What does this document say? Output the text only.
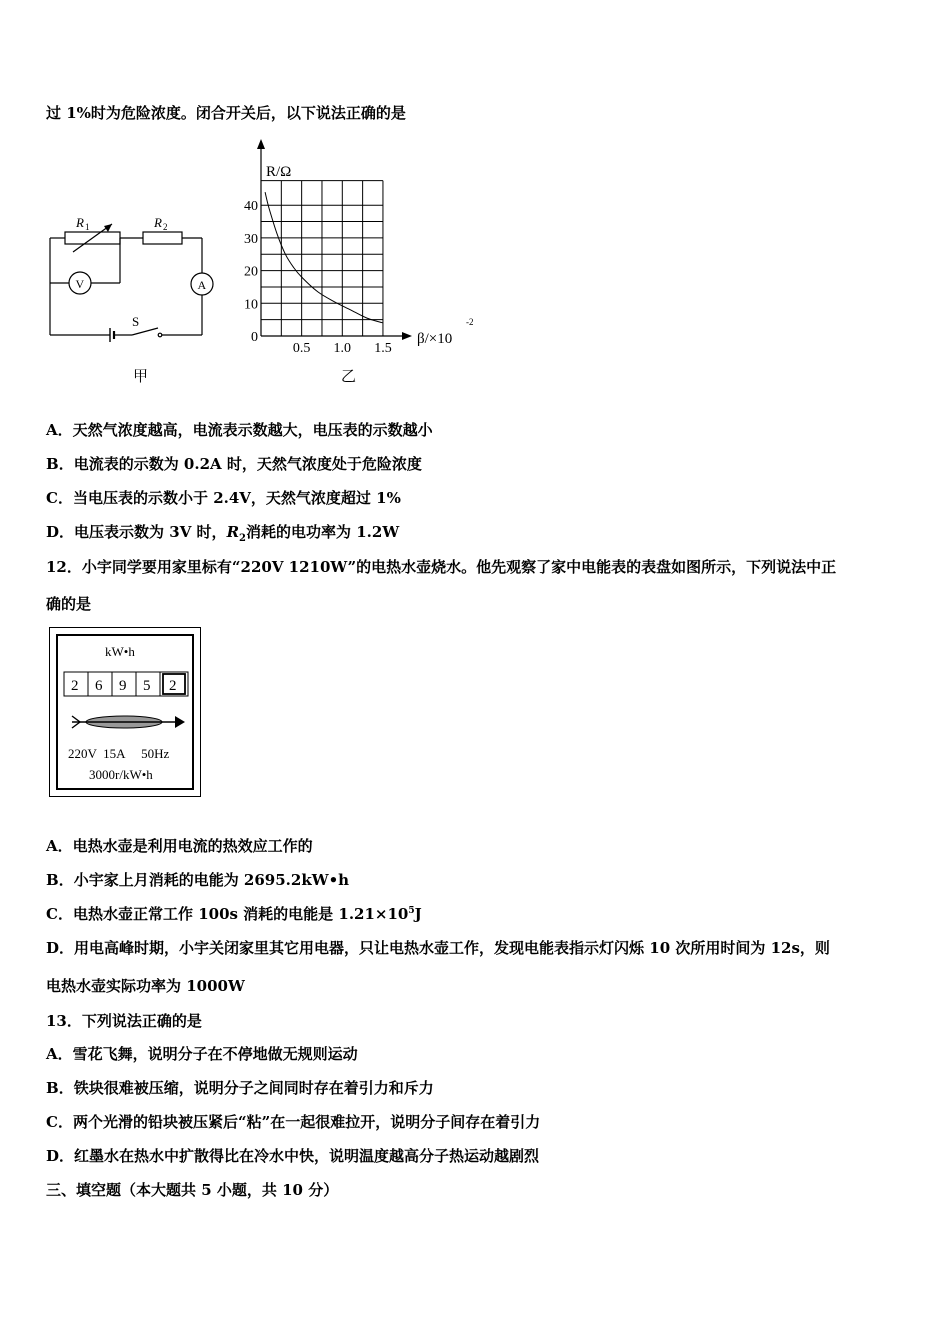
过 1%时为危险浓度。闭合开关后，以下说法正确的是
R 1	R 2
V	A
S
甲
0
10
20
30
40
0.5 1.0 1.5
R/Ω
β/×10
-2
乙
A．天然气浓度越高，电流表示数越大，电压表的示数越小
B．电流表的示数为 0.2A 时，天然气浓度处于危险浓度
C．当电压表的示数小于 2.4V，天然气浓度超过 1%
D．电压表示数为 3V 时，$R_2$消耗的电功率为 1.2W
12．小宇同学要用家里标有“220V 1210W”的电热水壶烧水。他先观察了家中电能表的表盘如图所示，下列说法中正
确的是
kW•h
2 6 9 5 2
220V  15A     50Hz
3000r/kW•h
A．电热水壶是利用电流的热效应工作的
B．小宇家上月消耗的电能为 2695.2kW•h
C．电热水壶正常工作 100s 消耗的电能是 $1.21\times 10^5J$
D．用电高峰时期，小宇关闭家里其它用电器，只让电热水壶工作，发现电能表指示灯闪烁 10 次所用时间为 12s，则
电热水壶实际功率为 1000W
13．下列说法正确的是
A．雪花飞舞，说明分子在不停地做无规则运动
B．铁块很难被压缩，说明分子之间同时存在着引力和斥力
C．两个光滑的铅块被压紧后“粘”在一起很难拉开，说明分子间存在着引力
D．红墨水在热水中扩散得比在冷水中快，说明温度越高分子热运动越剧烈
三、填空题（本大题共 5 小题，共 10 分）
